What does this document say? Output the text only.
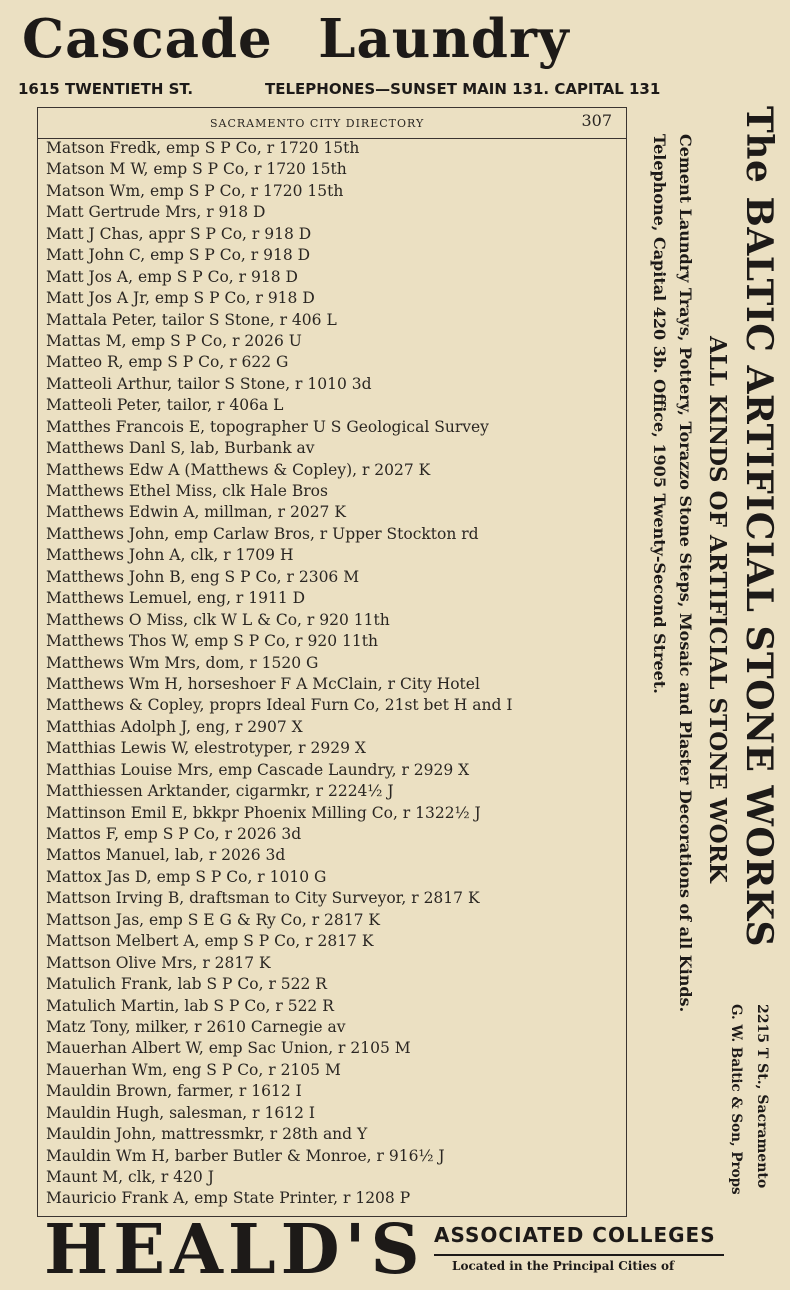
Cascade Laundry
1615 TWENTIETH ST.	TELEPHONES—SUNSET MAIN 131. CAPITAL 131
SACRAMENTO CITY DIRECTORY	307
Matson Fredk, emp S P Co, r 1720 15th
Matson M W, emp S P Co, r 1720 15th
Matson Wm, emp S P Co, r 1720 15th
Matt Gertrude Mrs, r 918 D
Matt J Chas, appr S P Co, r 918 D
Matt John C, emp S P Co, r 918 D
Matt Jos A, emp S P Co, r 918 D
Matt Jos A Jr, emp S P Co, r 918 D
Mattala Peter, tailor S Stone, r 406 L
Mattas M, emp S P Co, r 2026 U
Matteo R, emp S P Co, r 622 G
Matteoli Arthur, tailor S Stone, r 1010 3d
Matteoli Peter, tailor, r 406a L
Matthes Francois E, topographer U S Geological Survey
Matthews Danl S, lab, Burbank av
Matthews Edw A (Matthews & Copley), r 2027 K
Matthews Ethel Miss, clk Hale Bros
Matthews Edwin A, millman, r 2027 K
Matthews John, emp Carlaw Bros, r Upper Stockton rd
Matthews John A, clk, r 1709 H
Matthews John B, eng S P Co, r 2306 M
Matthews Lemuel, eng, r 1911 D
Matthews O Miss, clk W L & Co, r 920 11th
Matthews Thos W, emp S P Co, r 920 11th
Matthews Wm Mrs, dom, r 1520 G
Matthews Wm H, horseshoer F A McClain, r City Hotel
Matthews & Copley, proprs Ideal Furn Co, 21st bet H and I
Matthias Adolph J, eng, r 2907 X
Matthias Lewis W, elestrotyper, r 2929 X
Matthias Louise Mrs, emp Cascade Laundry, r 2929 X
Matthiessen Arktander, cigarmkr, r 2224½ J
Mattinson Emil E, bkkpr Phoenix Milling Co, r 1322½ J
Mattos F, emp S P Co, r 2026 3d
Mattos Manuel, lab, r 2026 3d
Mattox Jas D, emp S P Co, r 1010 G
Mattson Irving B, draftsman to City Surveyor, r 2817 K
Mattson Jas, emp S E G & Ry Co, r 2817 K
Mattson Melbert A, emp S P Co, r 2817 K
Mattson Olive Mrs, r 2817 K
Matulich Frank, lab S P Co, r 522 R
Matulich Martin, lab S P Co, r 522 R
Matz Tony, milker, r 2610 Carnegie av
Mauerhan Albert W, emp Sac Union, r 2105 M
Mauerhan Wm, eng S P Co, r 2105 M
Mauldin Brown, farmer, r 1612 I
Mauldin Hugh, salesman, r 1612 I
Mauldin John, mattressmkr, r 28th and Y
Mauldin Wm H, barber Butler & Monroe, r 916½ J
Maunt M, clk, r 420 J
Mauricio Frank A, emp State Printer, r 1208 P
The BALTIC ARTIFICIAL STONE WORKS
ALL KINDS OF ARTIFICIAL STONE WORK
Cement Laundry Trays, Pottery, Torazzo Stone Steps, Mosaic and Plaster Decorations of all Kinds.
Telephone, Capital 420 3b. Office, 1905 Twenty-Second Street.
2215 T St., Sacramento
G. W. Baltic & Son, Props
HEALD'S ASSOCIATED COLLEGES
Located in the Principal Cities of
